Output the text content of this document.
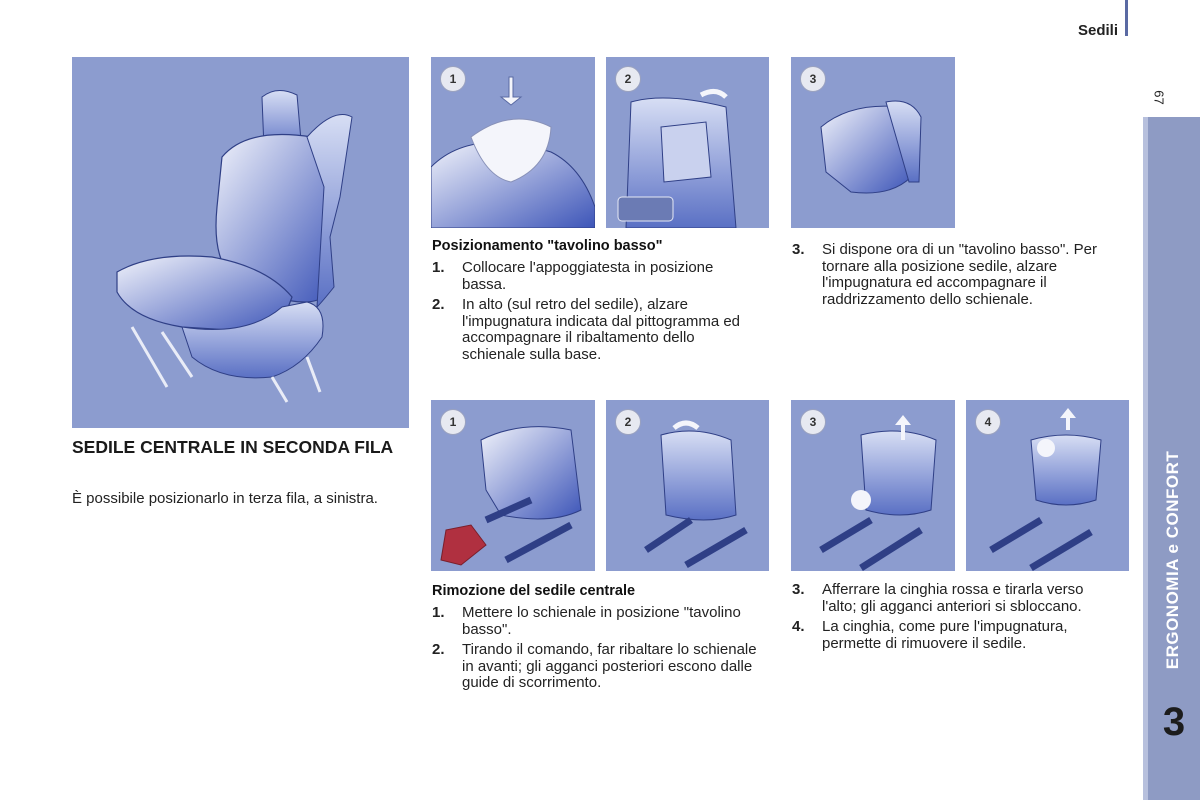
Sedili
67
ERGONOMIA e CONFORT
3
1	2	3
Posizionamento "tavolino basso"
1. Collocare l'appoggiatesta in posizione bassa.
2. In alto (sul retro del sedile), alzare l'impugnatura indicata dal pittogramma ed accompagnare il ribaltamento dello schienale sulla base.
3. Si dispone ora di un "tavolino basso". Per tornare alla posizione sedile, alzare l'impugnatura ed accompagnare il raddrizzamento dello schienale.
SEDILE CENTRALE IN SECONDA FILA
È possibile posizionarlo in terza fila, a sinistra.
1	2	3	4
Rimozione del sedile centrale
1. Mettere lo schienale in posizione "tavolino basso".
2. Tirando il comando, far ribaltare lo schienale in avanti; gli agganci posteriori escono dalle guide di scorrimento.
3. Afferrare la cinghia rossa e tirarla verso l'alto; gli agganci anteriori si sbloccano.
4. La cinghia, come pure l'impugnatura, permette di rimuovere il sedile.
